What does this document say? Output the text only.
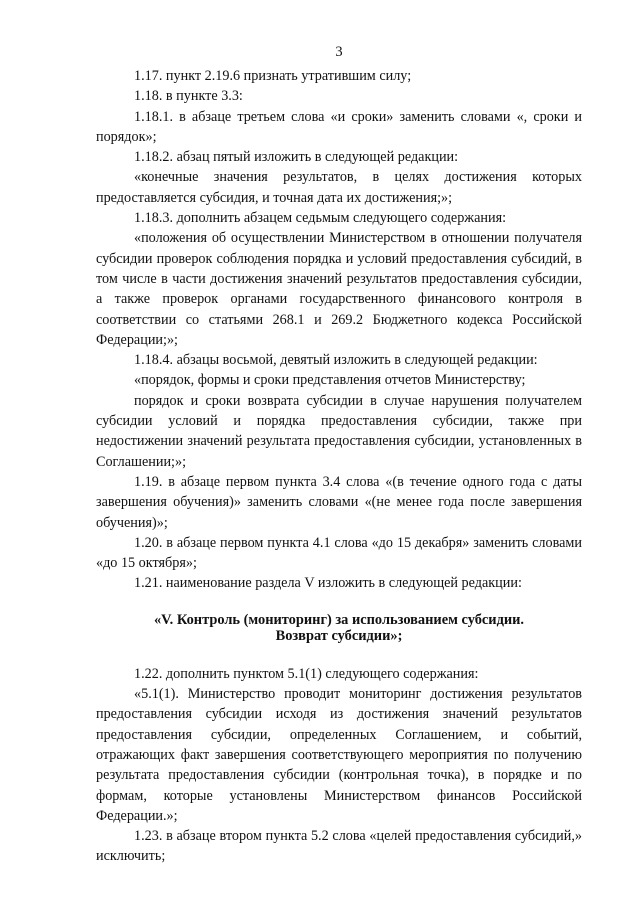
3

1.17. пункт 2.19.6 признать утратившим силу;

1.18. в пункте 3.3:

1.18.1. в абзаце третьем слова «и сроки» заменить словами «, сроки и порядок»;

1.18.2. абзац пятый изложить в следующей редакции:

«конечные значения результатов, в целях достижения которых предоставляется субсидия, и точная дата их достижения;»;

1.18.3. дополнить абзацем седьмым следующего содержания:

«положения об осуществлении Министерством в отношении получателя субсидии проверок соблюдения порядка и условий предоставления субсидий, в том числе в части достижения значений результатов предоставления субсидии, а также проверок органами государственного финансового контроля в соответствии со статьями 268.1 и 269.2 Бюджетного кодекса Российской Федерации;»;

1.18.4. абзацы восьмой, девятый изложить в следующей редакции:

«порядок, формы и сроки представления отчетов Министерству;

порядок и сроки возврата субсидии в случае нарушения получателем субсидии условий и порядка предоставления субсидии, также при недостижении значений результата предоставления субсидии, установленных в Соглашении;»;

1.19. в абзаце первом пункта 3.4 слова «(в течение одного года с даты завершения обучения)» заменить словами «(не менее года после завершения обучения)»;

1.20. в абзаце первом пункта 4.1 слова «до 15 декабря» заменить словами «до 15 октября»;

1.21. наименование раздела V изложить в следующей редакции:

«V. Контроль (мониторинг) за использованием субсидии.
Возврат субсидии»;

1.22. дополнить пунктом 5.1(1) следующего содержания:

«5.1(1). Министерство проводит мониторинг достижения результатов предоставления субсидии исходя из достижения значений результатов предоставления субсидии, определенных Соглашением, и событий, отражающих факт завершения соответствующего мероприятия по получению результата предоставления субсидии (контрольная точка), в порядке и по формам, которые установлены Министерством финансов Российской Федерации.»;

1.23. в абзаце втором пункта 5.2 слова «целей предоставления субсидий,» исключить;
